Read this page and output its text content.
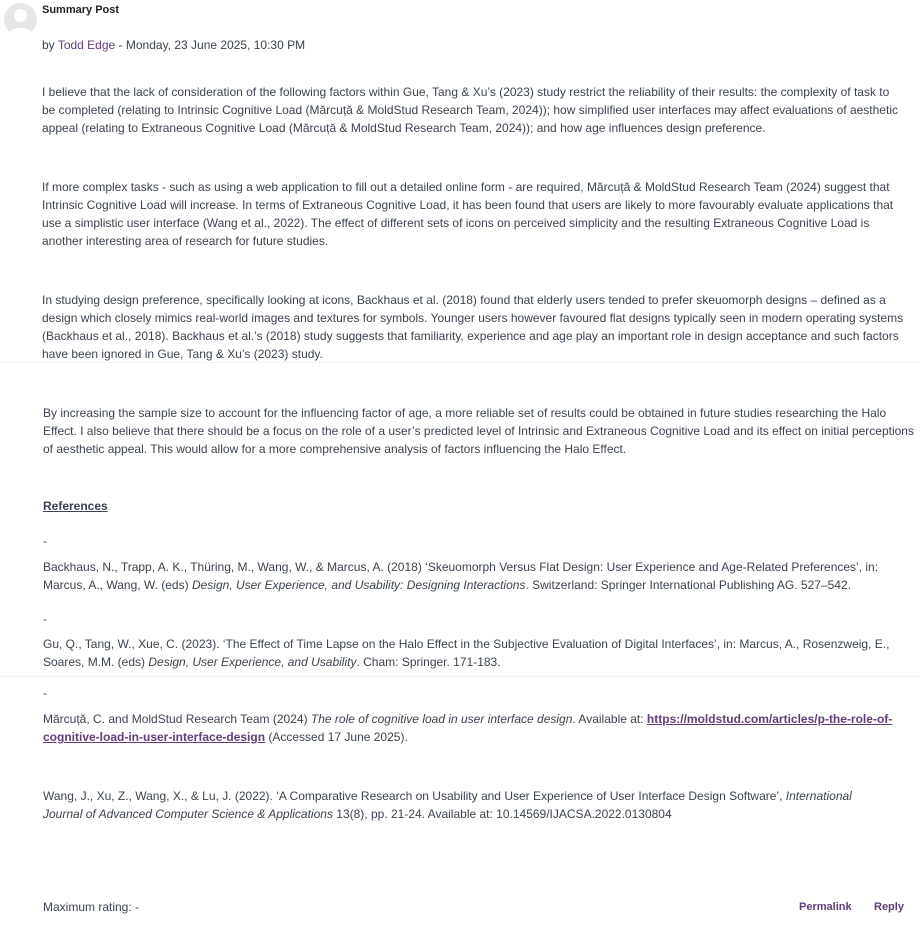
Summary Post
by Todd Edge - Monday, 23 June 2025, 10:30 PM
I believe that the lack of consideration of the following factors within Gue, Tang & Xu’s (2023) study restrict the reliability of their results: the complexity of task to be completed (relating to Intrinsic Cognitive Load (Mărcuță & MoldStud Research Team, 2024)); how simplified user interfaces may affect evaluations of aesthetic appeal (relating to Extraneous Cognitive Load (Mărcuță & MoldStud Research Team, 2024)); and how age influences design preference.
If more complex tasks - such as using a web application to fill out a detailed online form - are required, Mărcuță & MoldStud Research Team (2024) suggest that Intrinsic Cognitive Load will increase. In terms of Extraneous Cognitive Load, it has been found that users are likely to more favourably evaluate applications that use a simplistic user interface (Wang et al., 2022). The effect of different sets of icons on perceived simplicity and the resulting Extraneous Cognitive Load is another interesting area of research for future studies.
In studying design preference, specifically looking at icons, Backhaus et al. (2018) found that elderly users tended to prefer skeuomorph designs – defined as a design which closely mimics real-world images and textures for symbols. Younger users however favoured flat designs typically seen in modern operating systems (Backhaus et al., 2018). Backhaus et al.’s (2018) study suggests that familiarity, experience and age play an important role in design acceptance and such factors have been ignored in Gue, Tang & Xu’s (2023) study.
By increasing the sample size to account for the influencing factor of age, a more reliable set of results could be obtained in future studies researching the Halo Effect. I also believe that there should be a focus on the role of a user’s predicted level of Intrinsic and Extraneous Cognitive Load and its effect on initial perceptions of aesthetic appeal. This would allow for a more comprehensive analysis of factors influencing the Halo Effect.
References
-
Backhaus, N., Trapp, A. K., Thüring, M., Wang, W., & Marcus, A. (2018) ‘Skeuomorph Versus Flat Design: User Experience and Age-Related Preferences’, in: Marcus, A., Wang, W. (eds) Design, User Experience, and Usability: Designing Interactions. Switzerland: Springer International Publishing AG. 527–542.
-
Gu, Q., Tang, W., Xue, C. (2023). ‘The Effect of Time Lapse on the Halo Effect in the Subjective Evaluation of Digital Interfaces’, in: Marcus, A., Rosenzweig, E., Soares, M.M. (eds) Design, User Experience, and Usability. Cham: Springer. 171-183.
-
Mărcuță, C. and MoldStud Research Team (2024) The role of cognitive load in user interface design. Available at: https://moldstud.com/articles/p-the-role-of-cognitive-load-in-user-interface-design (Accessed 17 June 2025).
Wang, J., Xu, Z., Wang, X., & Lu, J. (2022). ‘A Comparative Research on Usability and User Experience of User Interface Design Software’, International Journal of Advanced Computer Science & Applications 13(8), pp. 21-24. Available at: 10.14569/IJACSA.2022.0130804
Maximum rating: -	Permalink Reply
